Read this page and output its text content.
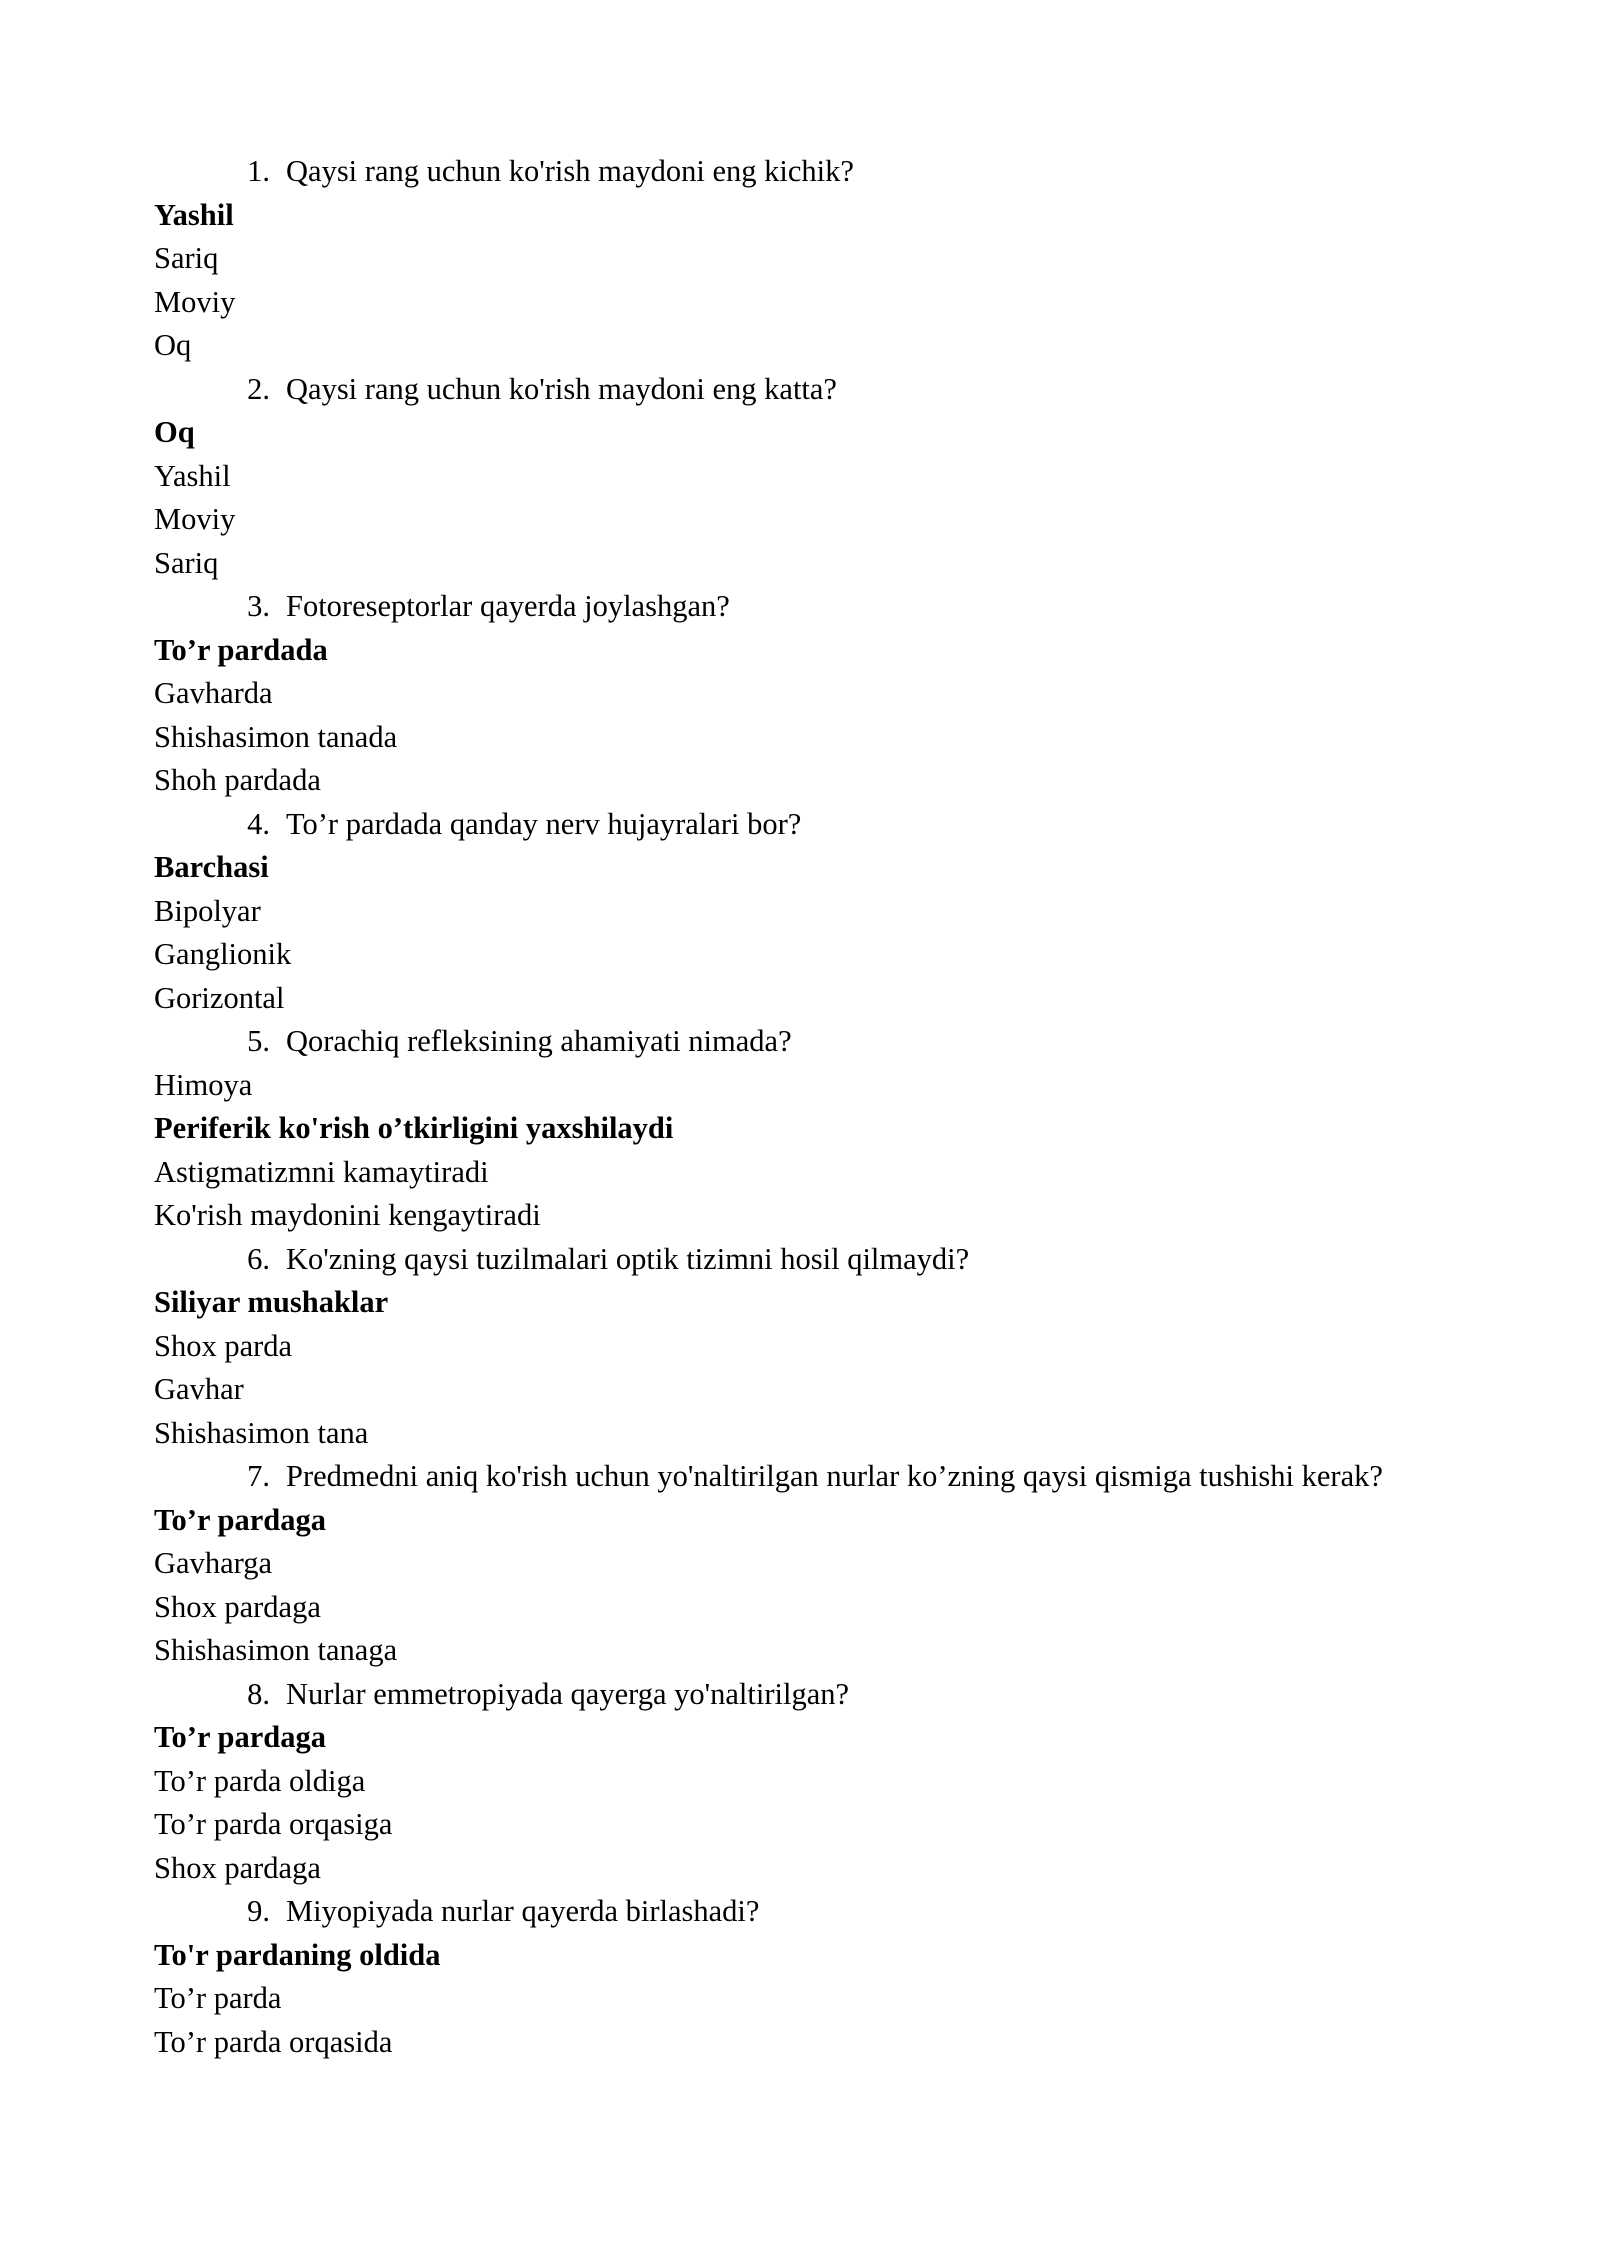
1. Qaysi rang uchun ko'rish maydoni eng kichik?
Yashil
Sariq
Moviy
Oq
2. Qaysi rang uchun ko'rish maydoni eng katta?
Oq
Yashil
Moviy
Sariq
3. Fotoreseptorlar qayerda joylashgan?
To’r pardada
Gavharda
Shishasimon tanada
Shoh pardada
4. To’r pardada qanday nerv hujayralari bor?
Barchasi
Bipolyar
Ganglionik
Gorizontal
5. Qorachiq refleksining ahamiyati nimada?
Himoya
Periferik ko'rish o’tkirligini yaxshilaydi
Astigmatizmni kamaytiradi
Ko'rish maydonini kengaytiradi
6. Ko'zning qaysi tuzilmalari optik tizimni hosil qilmaydi?
Siliyar mushaklar
Shox parda
Gavhar
Shishasimon tana
7. Predmedni aniq ko'rish uchun yo'naltirilgan nurlar ko’zning qaysi qismiga tushishi kerak?
To’r pardaga
Gavharga
Shox pardaga
Shishasimon tanaga
8. Nurlar emmetropiyada qayerga yo'naltirilgan?
To’r pardaga
To’r parda oldiga
To’r parda orqasiga
Shox pardaga
9. Miyopiyada nurlar qayerda birlashadi?
To'r pardaning oldida
To’r parda
To’r parda orqasida
